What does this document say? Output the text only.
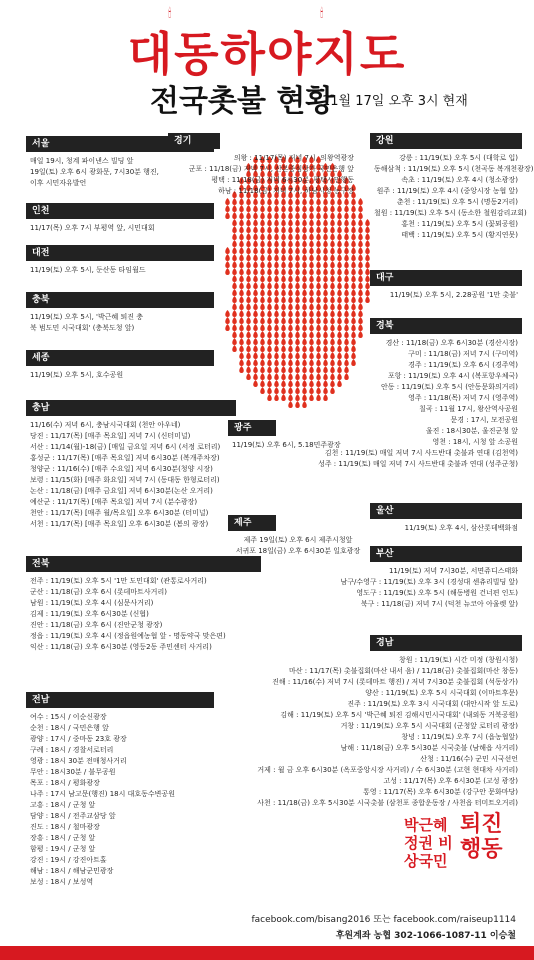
대동하야지도
🕯	🕯
전국촛불 현황
11월 17일 오후 3시 현재
서울
매일 19시, 청계 파이낸스 빌딩 앞
19일(토) 오후 6시 광화문, 7시30분 행진,
이후 시민자유발언
인천
11/17(목) 오후 7시 부평역 앞, 시민대회
대전
11/19(토) 오후 5시, 둔산동 타임월드
충북
11/19(토) 오후 5시, '박근혜 퇴진 충
북 범도민 시국대회' (충북도청 앞)
세종
11/19(토) 오후 5시, 호수공원
충남
11/16(수) 저녁 6시, 충남시국대회 (천안 아우네)
당진 : 11/17(목) [매주 목요일] 저녁 7시 (신터미널)
서산 : 11/14(월)-18(금) [매일 금요일 저녁 6시 (서정 로터리)
홍성군 : 11/17(목) [매주 목요일] 저녁 6시30분 (복개주차장)
청양군 : 11/16(수) [매주 수요일] 저녁 6시30분(청양 시장)
보령 : 11/15(화) [매주 화요일] 저녁 7시 (동대동 한형로터리)
논산 : 11/18(금) [매주 금요일] 저녁 6시30분(논산 오거리)
예산군 : 11/17(목) [매주 목요일] 저녁 7시 (분수광장)
천안 : 11/17(목) [매주 월/목요일] 오후 6시30분 (터미널)
서천 : 11/17(목) [매주 목요일] 오후 6시30분 (봄의 광장)
전북
전주 : 11/19(토) 오후 5시 '1만 도민대회' (관통로사거리)
군산 : 11/18(금) 오후 6시 (롯데마트사거리)
남원 : 11/19(토) 오후 4시 (심문사거리)
김제 : 11/19(토) 오후 6시30분 (신협)
진안 : 11/18(금) 오후 6시 (진안군청 광장)
정읍 : 11/19(토) 오후 4시 (정읍원예농협 앞 - 명동약국 맞은편)
익산 : 11/18(금) 오후 6시30분 (영등2동 주민센터 사거리)
전남
여수 : 15시 / 이순신광장
순천 : 18시 / 국민은행 앞
광양 : 17시 / 중마동 23호 광장
구례 : 18시 / 경찰서로터리
영광 : 18시 30분 전매청사거리
무안 : 18시30분 / 불무공원
목포 : 18시 / 평화광장
나주 : 17시 남고문(행진) 18시 대호동수변공원
고흥 : 18시 / 군청 앞
담양 : 18시 / 전주교삼당 앞
진도 : 18시 / 철마광장
장흥 : 18시 / 군청 앞
함평 : 19시 / 군청 앞
강진 : 19시 / 강진아트홀
해남 : 18시 / 해남군민광장
보성 : 18시 / 보성역
경기
의왕 : 11/17(목) 저녁 7시, 의왕역광장
군포 : 11/18(금) 저녁 7시, 산본중심상가 국민은행 앞
평택 : 11/18(금) 저녁 6시30분, 평택시민행동
하남 : 11/18(금) 저녁 7시, 하남시청 농구장
광주
11/19(토) 오후 6시, 5.18민주광장
제주
제주 19일(토) 오후 6시 제주시청앞
서귀포 18일(금) 오후 6시30분 일호광장
강원
강릉 : 11/19(토) 오후 5시 (대학로 입)
동해삼척 : 11/19(토) 오후 5시 (천곡동 복개천광장)
속초 : 11/19(토) 오후 4시 (청소광장)
원주 : 11/19(토) 오후 4시 (중앙시장 농협 앞)
춘천 : 11/19(토) 오후 5시 (명동2거리)
철원 : 11/19(토) 오후 5시 (동소한 철원감리교회)
홍천 : 11/19(토) 오후 5시 (꽃뫼공원)
태백 : 11/19(토) 오후 5시 (황지연못)
대구
11/19(토) 오후 5시, 2.28공원 '1만 촛불'
경북
경산 : 11/18(금) 오후 6시30분 (경산시장)
구미 : 11/18(금) 저녁 7시 (구미역)
경주 : 11/19(토) 오후 6시 (경주역)
포항 : 11/19(토) 오후 4시 (복포항우체국)
안동 : 11/19(토) 오후 5시 (안동문화의거리)
영주 : 11/18(목) 저녁 7시 (영주역)
칠곡 : 11월 17시, 왕산역사공원
문경 : 17시, 모전공원
울진 : 18시30분, 울진군청 앞
영천 : 18시, 시청 앞 소공원
김천 : 11/19(토) 매일 저녁 7시 사드반대 촛불과 연대 (김천역)
성주 : 11/19(토) 매일 저녁 7시 사드반대 촛불과 연대 (성주군청)
울산
11/19(토) 오후 4시, 삼산롯데백화점
부산
11/19(토) 저녁 7시30분, 서면쥬디스태화
남구/수영구 : 11/19(토) 오후 3시 (경성대 센츄리빌딩 앞)
영도구 : 11/19(토) 오후 5시 (해동병원 건너편 인도)
북구 : 11/18(금) 저녁 7시 (덕천 뉴코아 아울렛 앞)
경남
창원 : 11/19(토) 시간 미정 (창원시청)
마산 : 11/17(목) 촛불집회(마산 내서 음) / 11/18(금) 촛불집회(마산 창동)
진해 : 11/16(수) 저녁 7시 (롯데마트 행진) / 저녁 7시30분 촛불집회 (석동상가)
양산 : 11/19(토) 오후 5시 시국대회 (이마트후문)
진주 : 11/19(토) 오후 3시 시국대회 (대안시작 앞 도로)
김해 : 11/19(토) 오후 5시 '박근혜 퇴진 김해시민시국대회' (내외동 거북공원)
거창 : 11/19(토) 오후 5시 시국대회 (군청앞 로터리 광장)
창녕 : 11/19(토) 오후 7시 (읍농협앞)
남해 : 11/18(금) 오후 5시30분 시국촛불 (남해읍 사거리)
산청 : 11/16(수) 군민 시국선언
거제 : 월 금 오후 6시30분 (옥포중앙시장 사거리) / 수 6시30분 (고현 현대차 사거리)
고성 : 11/17(목) 오후 6시30분 (고성 광장)
통영 : 11/17(목) 오후 6시30분 (강구안 문화마당)
사천 : 11/18(금) 오후 5시30분 시국촛불 (삼천포 종합운동장 / 사천읍 터미트오거리)
박근혜정권 비상국민
퇴진행동
facebook.com/bisang2016 또는 facebook.com/raiseup1114
후원계좌 농협 302-1066-1087-11 이승철
